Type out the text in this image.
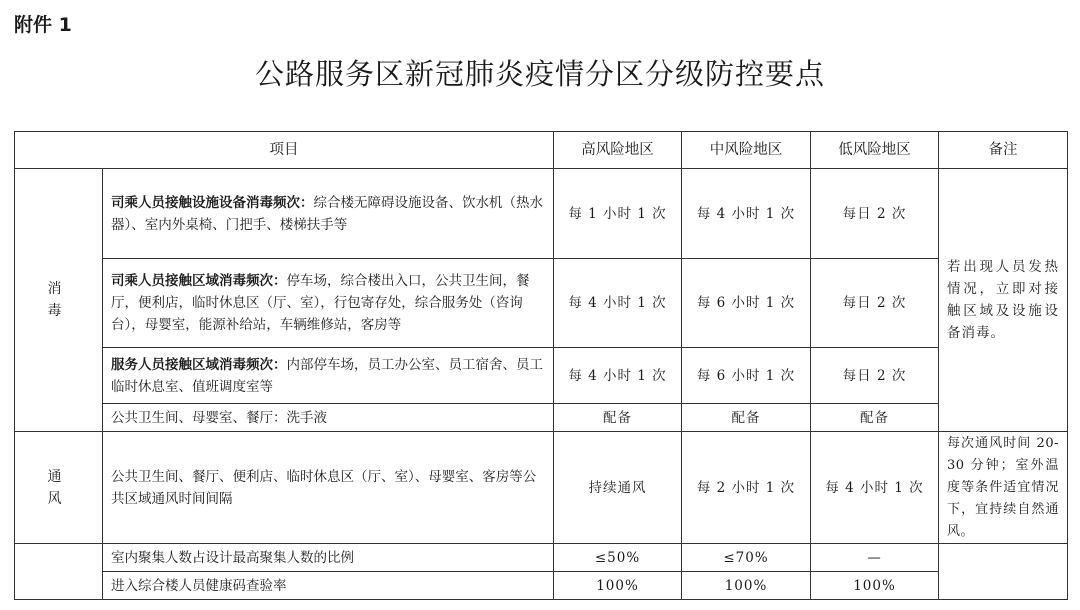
附件 1
公路服务区新冠肺炎疫情分区分级防控要点
项目		高风险地区	中风险地区	低风险地区	备注
消毒	司乘人员接触设施设备消毒频次：综合楼无障碍设施设备、饮水机（热水器）、室内外桌椅、门把手、楼梯扶手等	每 1 小时 1 次	每 4 小时 1 次	每日 2 次	若出现人员发热情况，立即对接触区域及设施设备消毒。
	司乘人员接触区域消毒频次：停车场，综合楼出入口，公共卫生间，餐厅，便利店，临时休息区（厅、室），行包寄存处，综合服务处（咨询台），母婴室，能源补给站，车辆维修站，客房等	每 4 小时 1 次	每 6 小时 1 次	每日 2 次	
	服务人员接触区域消毒频次：内部停车场，员工办公室、员工宿舍、员工临时休息室、值班调度室等	每 4 小时 1 次	每 6 小时 1 次	每日 2 次	
	公共卫生间、母婴室、餐厅：洗手液	配备	配备	配备	
通风	公共卫生间、餐厅、便利店、临时休息区（厅、室）、母婴室、客房等公共区域通风时间间隔	持续通风	每 2 小时 1 次	每 4 小时 1 次	每次通风时间 20-30 分钟；室外温度等条件适宜情况下，宜持续自然通风。
	室内聚集人数占设计最高聚集人数的比例	≤50%	≤70%	—	
	进入综合楼人员健康码查验率	100%	100%	100%	
